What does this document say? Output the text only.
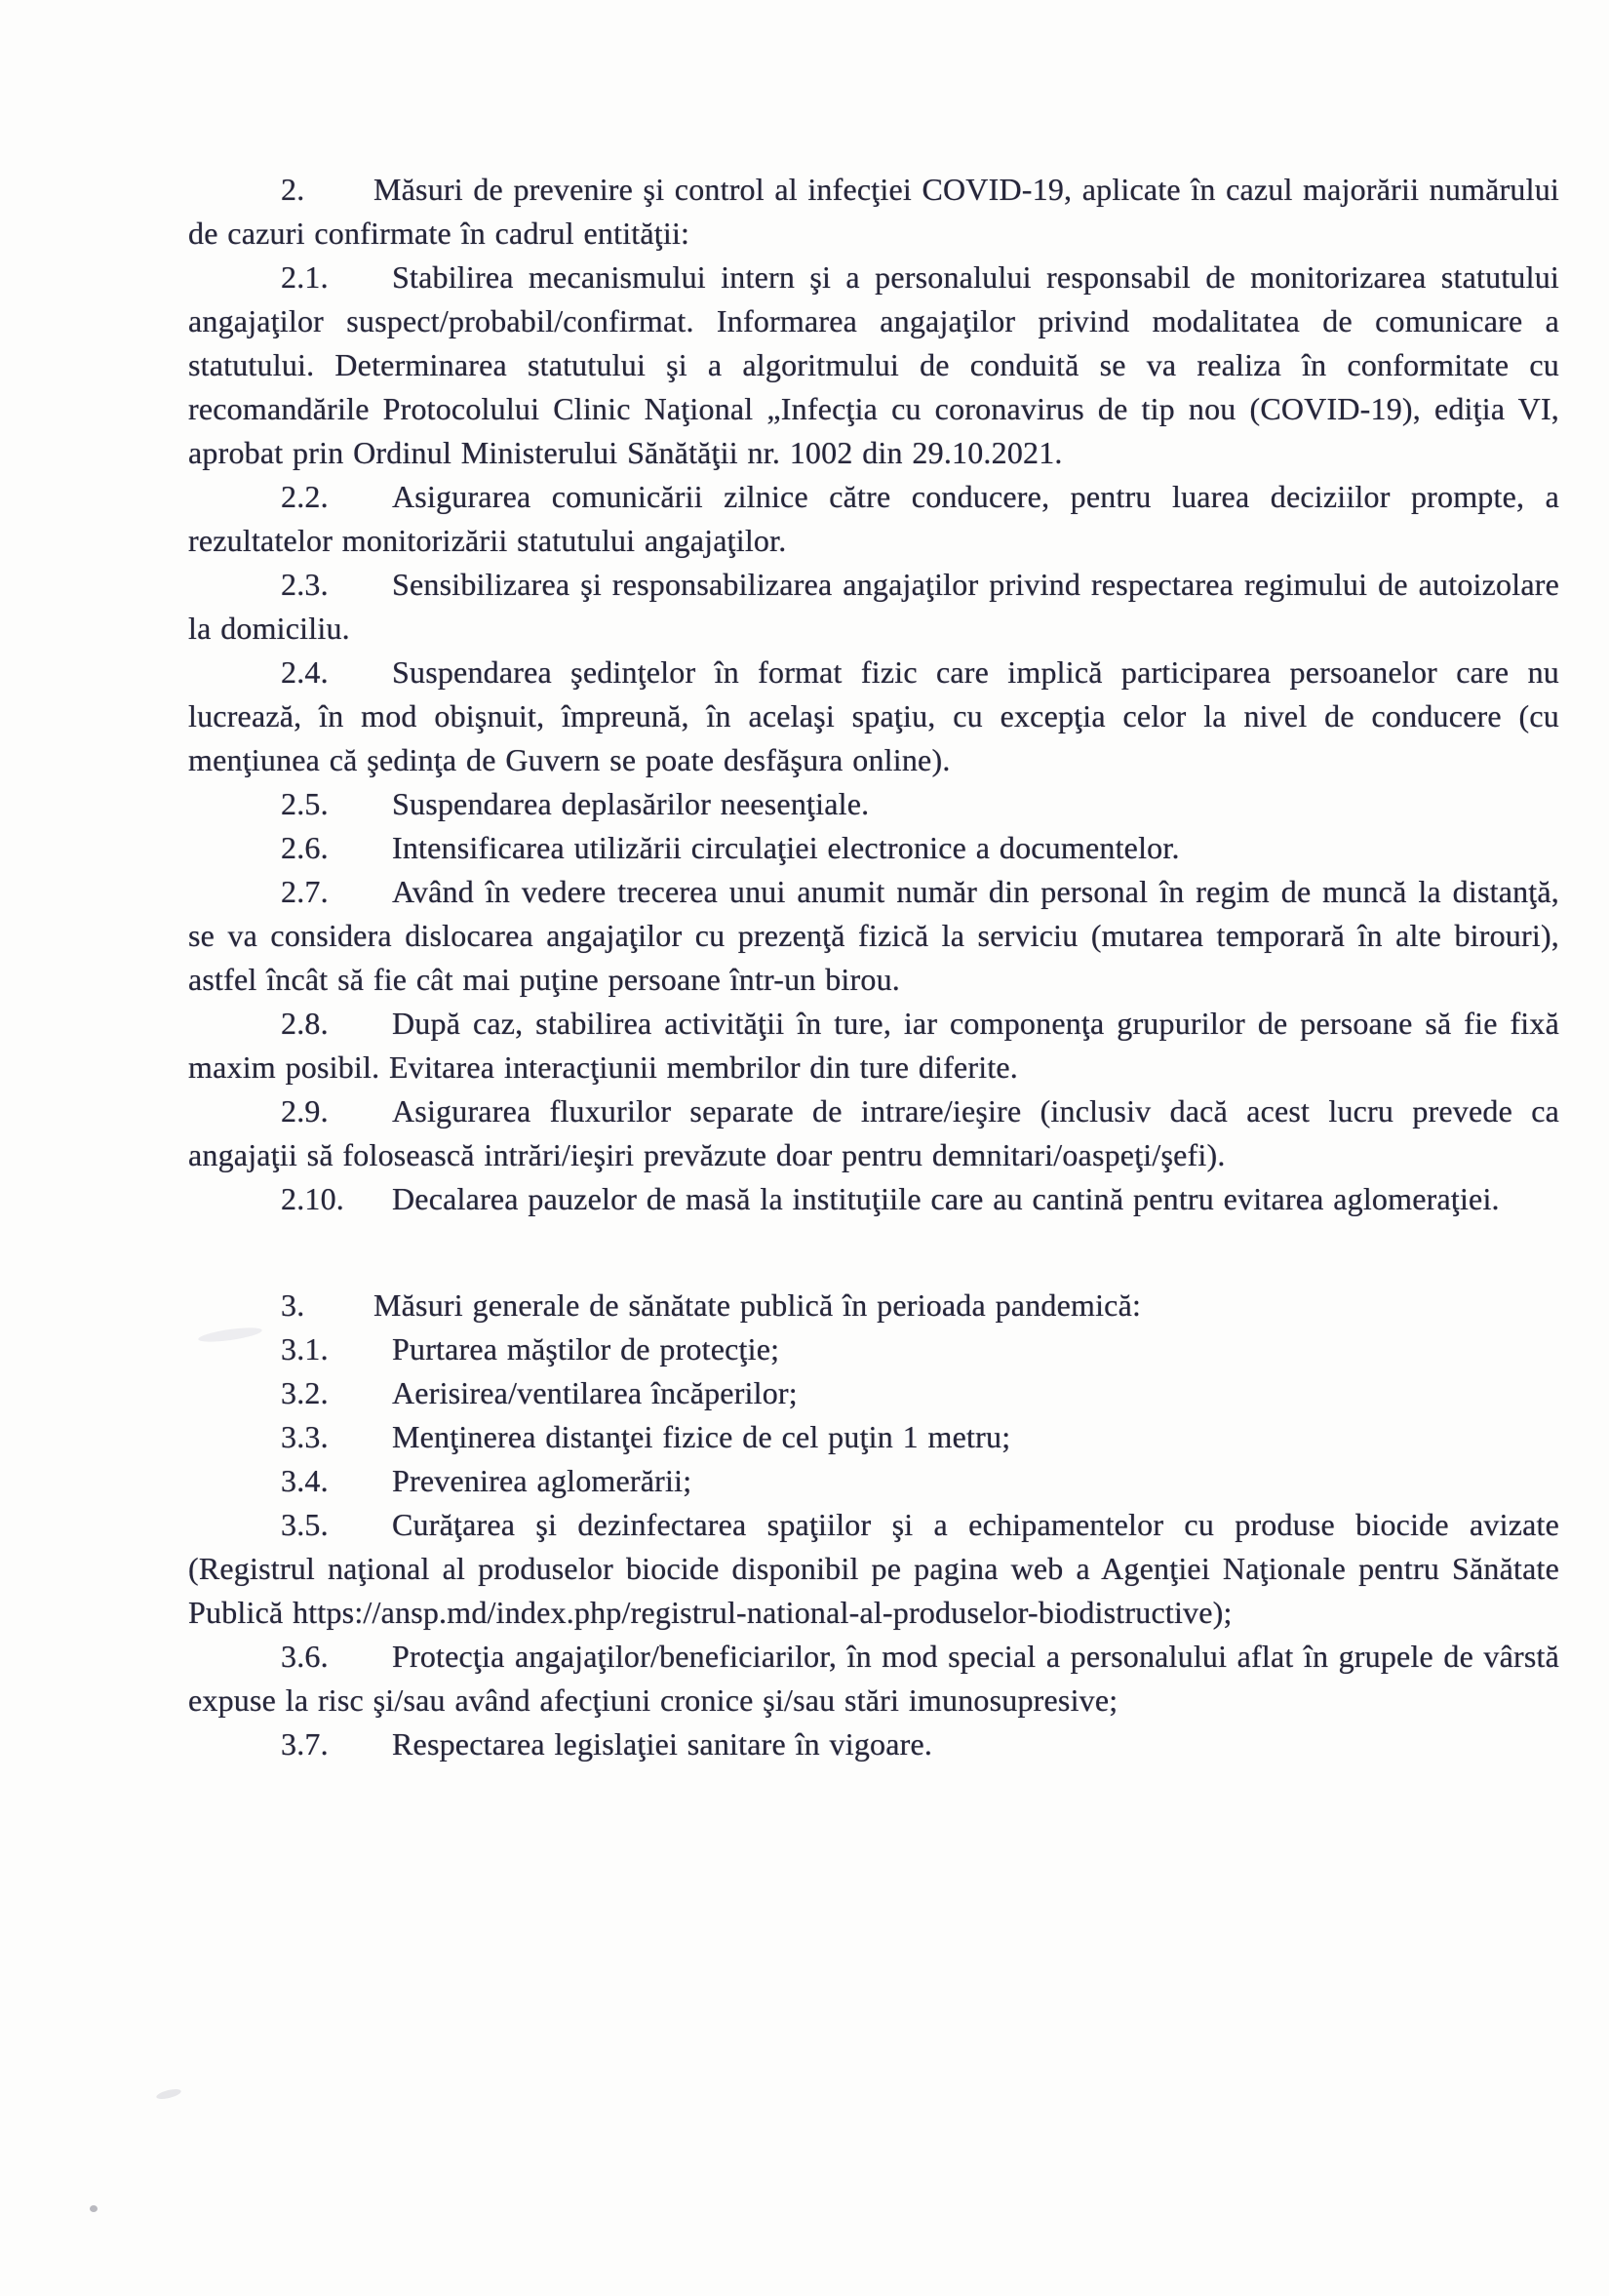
2. Măsuri de prevenire şi control al infecţiei COVID-19, aplicate în cazul majorării numărului de cazuri confirmate în cadrul entităţii:

2.1. Stabilirea mecanismului intern şi a personalului responsabil de monitorizarea statutului angajaţilor suspect/probabil/confirmat. Informarea angajaţilor privind modalitatea de comunicare a statutului. Determinarea statutului şi a algoritmului de conduită se va realiza în conformitate cu recomandările Protocolului Clinic Naţional „Infecţia cu coronavirus de tip nou (COVID-19), ediţia VI, aprobat prin Ordinul Ministerului Sănătăţii nr. 1002 din 29.10.2021.

2.2. Asigurarea comunicării zilnice către conducere, pentru luarea deciziilor prompte, a rezultatelor monitorizării statutului angajaţilor.

2.3. Sensibilizarea şi responsabilizarea angajaţilor privind respectarea regimului de autoizolare la domiciliu.

2.4. Suspendarea şedinţelor în format fizic care implică participarea persoanelor care nu lucrează, în mod obişnuit, împreună, în acelaşi spaţiu, cu excepţia celor la nivel de conducere (cu menţiunea că şedinţa de Guvern se poate desfăşura online).

2.5. Suspendarea deplasărilor neesenţiale.

2.6. Intensificarea utilizării circulaţiei electronice a documentelor.

2.7. Având în vedere trecerea unui anumit număr din personal în regim de muncă la distanţă, se va considera dislocarea angajaţilor cu prezenţă fizică la serviciu (mutarea temporară în alte birouri), astfel încât să fie cât mai puţine persoane într-un birou.

2.8. După caz, stabilirea activităţii în ture, iar componenţa grupurilor de persoane să fie fixă maxim posibil. Evitarea interacţiunii membrilor din ture diferite.

2.9. Asigurarea fluxurilor separate de intrare/ieşire (inclusiv dacă acest lucru prevede ca angajaţii să folosească intrări/ieşiri prevăzute doar pentru demnitari/oaspeţi/şefi).

2.10. Decalarea pauzelor de masă la instituţiile care au cantină pentru evitarea aglomeraţiei.

3. Măsuri generale de sănătate publică în perioada pandemică:

3.1. Purtarea măştilor de protecţie;

3.2. Aerisirea/ventilarea încăperilor;

3.3. Menţinerea distanţei fizice de cel puţin 1 metru;

3.4. Prevenirea aglomerării;

3.5. Curăţarea şi dezinfectarea spaţiilor şi a echipamentelor cu produse biocide avizate (Registrul naţional al produselor biocide disponibil pe pagina web a Agenţiei Naţionale pentru Sănătate Publică https://ansp.md/index.php/registrul-national-al-produselor-biodistructive);

3.6. Protecţia angajaţilor/beneficiarilor, în mod special a personalului aflat în grupele de vârstă expuse la risc şi/sau având afecţiuni cronice şi/sau stări imunosupresive;

3.7. Respectarea legislaţiei sanitare în vigoare.
